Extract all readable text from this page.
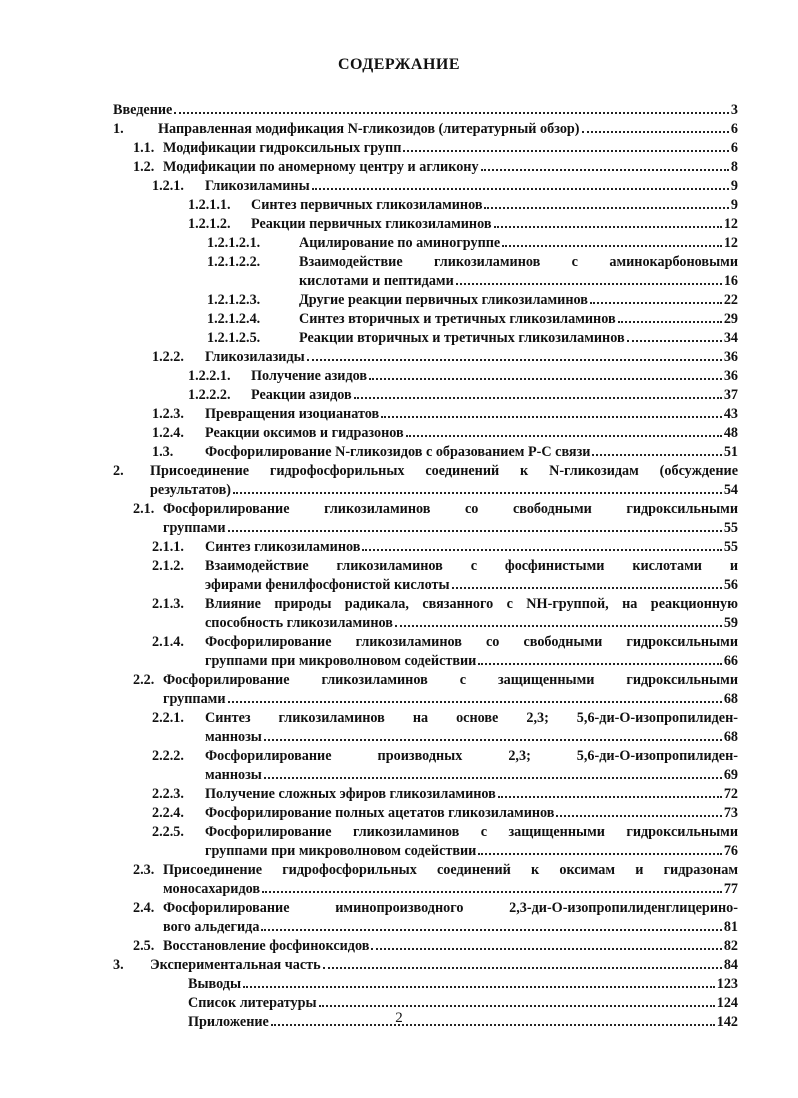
СОДЕРЖАНИЕ
Введение	3
1. Направленная модификация N-гликозидов (литературный обзор)	6
1.1. Модификации гидроксильных групп	6
1.2. Модификации по аномерному центру и агликону	8
1.2.1. Гликозиламины	9
1.2.1.1. Синтез первичных гликозиламинов	9
1.2.1.2. Реакции первичных гликозиламинов	12
1.2.1.2.1.	Ацилирование по аминогруппе	12
1.2.1.2.2.	Взаимодействие гликозиламинов с аминокарбоновыми
кислотами и пептидами	16
1.2.1.2.3.	Другие реакции первичных гликозиламинов	22
1.2.1.2.4.	Синтез вторичных и третичных гликозиламинов	29
1.2.1.2.5.	Реакции вторичных и третичных гликозиламинов	34
1.2.2. Гликозилазиды	36
1.2.2.1. Получение азидов	36
1.2.2.2. Реакции азидов	37
1.2.3. Превращения изоцианатов	43
1.2.4. Реакции оксимов и гидразонов	48
1.3. Фосфорилирование N-гликозидов с образованием Р-С связи	51
2. Присоединение гидрофосфорильных соединений к N-гликозидам (обсуждение
результатов)	54
2.1. Фосфорилирование гликозиламинов со свободными гидроксильными
группами	55
2.1.1. Синтез гликозиламинов	55
2.1.2. Взаимодействие гликозиламинов с фосфинистыми кислотами и
эфирами фенилфосфонистой кислоты	56
2.1.3. Влияние природы радикала, связанного с NH-группой, на реакционную
способность гликозиламинов	59
2.1.4. Фосфорилирование гликозиламинов со свободными гидроксильными
группами при микроволновом содействии	66
2.2. Фосфорилирование гликозиламинов с защищенными гидроксильными
группами	68
2.2.1. Синтез гликозиламинов на основе 2,3; 5,6-ди-О-изопропилиден-
маннозы	68
2.2.2. Фосфорилирование производных 2,3; 5,6-ди-О-изопропилиден-
маннозы	69
2.2.3. Получение сложных эфиров гликозиламинов	72
2.2.4. Фосфорилирование полных ацетатов гликозиламинов	73
2.2.5. Фосфорилирование гликозиламинов с защищенными гидроксильными
группами при микроволновом содействии	76
2.3. Присоединение гидрофосфорильных соединений к оксимам и гидразонам
моносахаридов	77
2.4. Фосфорилирование иминопроизводного 2,3-ди-О-изопропилиденглицерино-
вого альдегида	81
2.5. Восстановление фосфиноксидов	82
3. Экспериментальная часть	84
Выводы	123
Список литературы	124
Приложение	142
2
